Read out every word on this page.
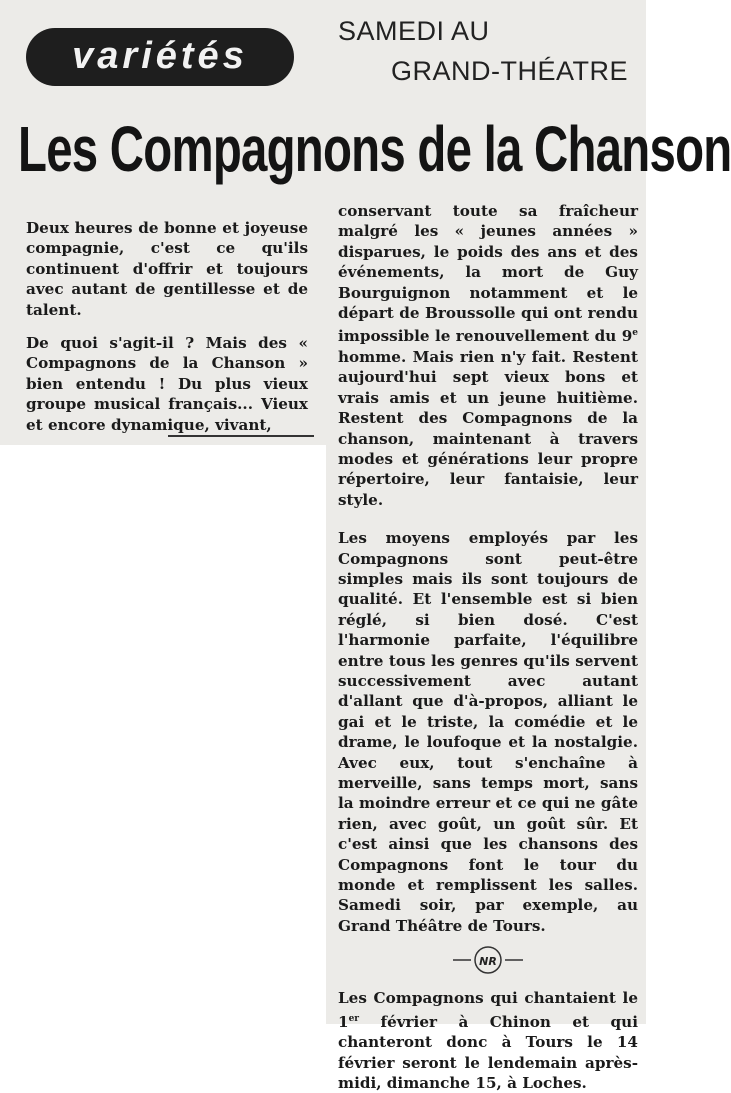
variétés
SAMEDI AU
GRAND-THÉATRE
Les Compagnons de la Chanson

Deux heures de bonne et joyeuse compagnie, c'est ce qu'ils continuent d'offrir et toujours avec autant de gentillesse et de talent.

De quoi s'agit-il ? Mais des « Compagnons de la Chanson » bien entendu ! Du plus vieux groupe musical français... Vieux et encore dynamique, vivant,

conservant toute sa fraîcheur malgré les « jeunes années » disparues, le poids des ans et des événements, la mort de Guy Bourguignon notamment et le départ de Broussolle qui ont rendu impossible le renouvellement du 9e homme. Mais rien n'y fait. Restent aujourd'hui sept vieux bons et vrais amis et un jeune huitième. Restent des Compagnons de la chanson, maintenant à travers modes et générations leur propre répertoire, leur fantaisie, leur style.

Les moyens employés par les Compagnons sont peut-être simples mais ils sont toujours de qualité. Et l'ensemble est si bien réglé, si bien dosé. C'est l'harmonie parfaite, l'équilibre entre tous les genres qu'ils servent successivement avec autant d'allant que d'à-propos, alliant le gai et le triste, la comédie et le drame, le loufoque et la nostalgie. Avec eux, tout s'enchaîne à merveille, sans temps mort, sans la moindre erreur et ce qui ne gâte rien, avec goût, un goût sûr. Et c'est ainsi que les chansons des Compagnons font le tour du monde et remplissent les salles. Samedi soir, par exemple, au Grand Théâtre de Tours.

NR

Les Compagnons qui chantaient le 1er février à Chinon et qui chanteront donc à Tours le 14 février seront le lendemain après-midi, dimanche 15, à Loches.
